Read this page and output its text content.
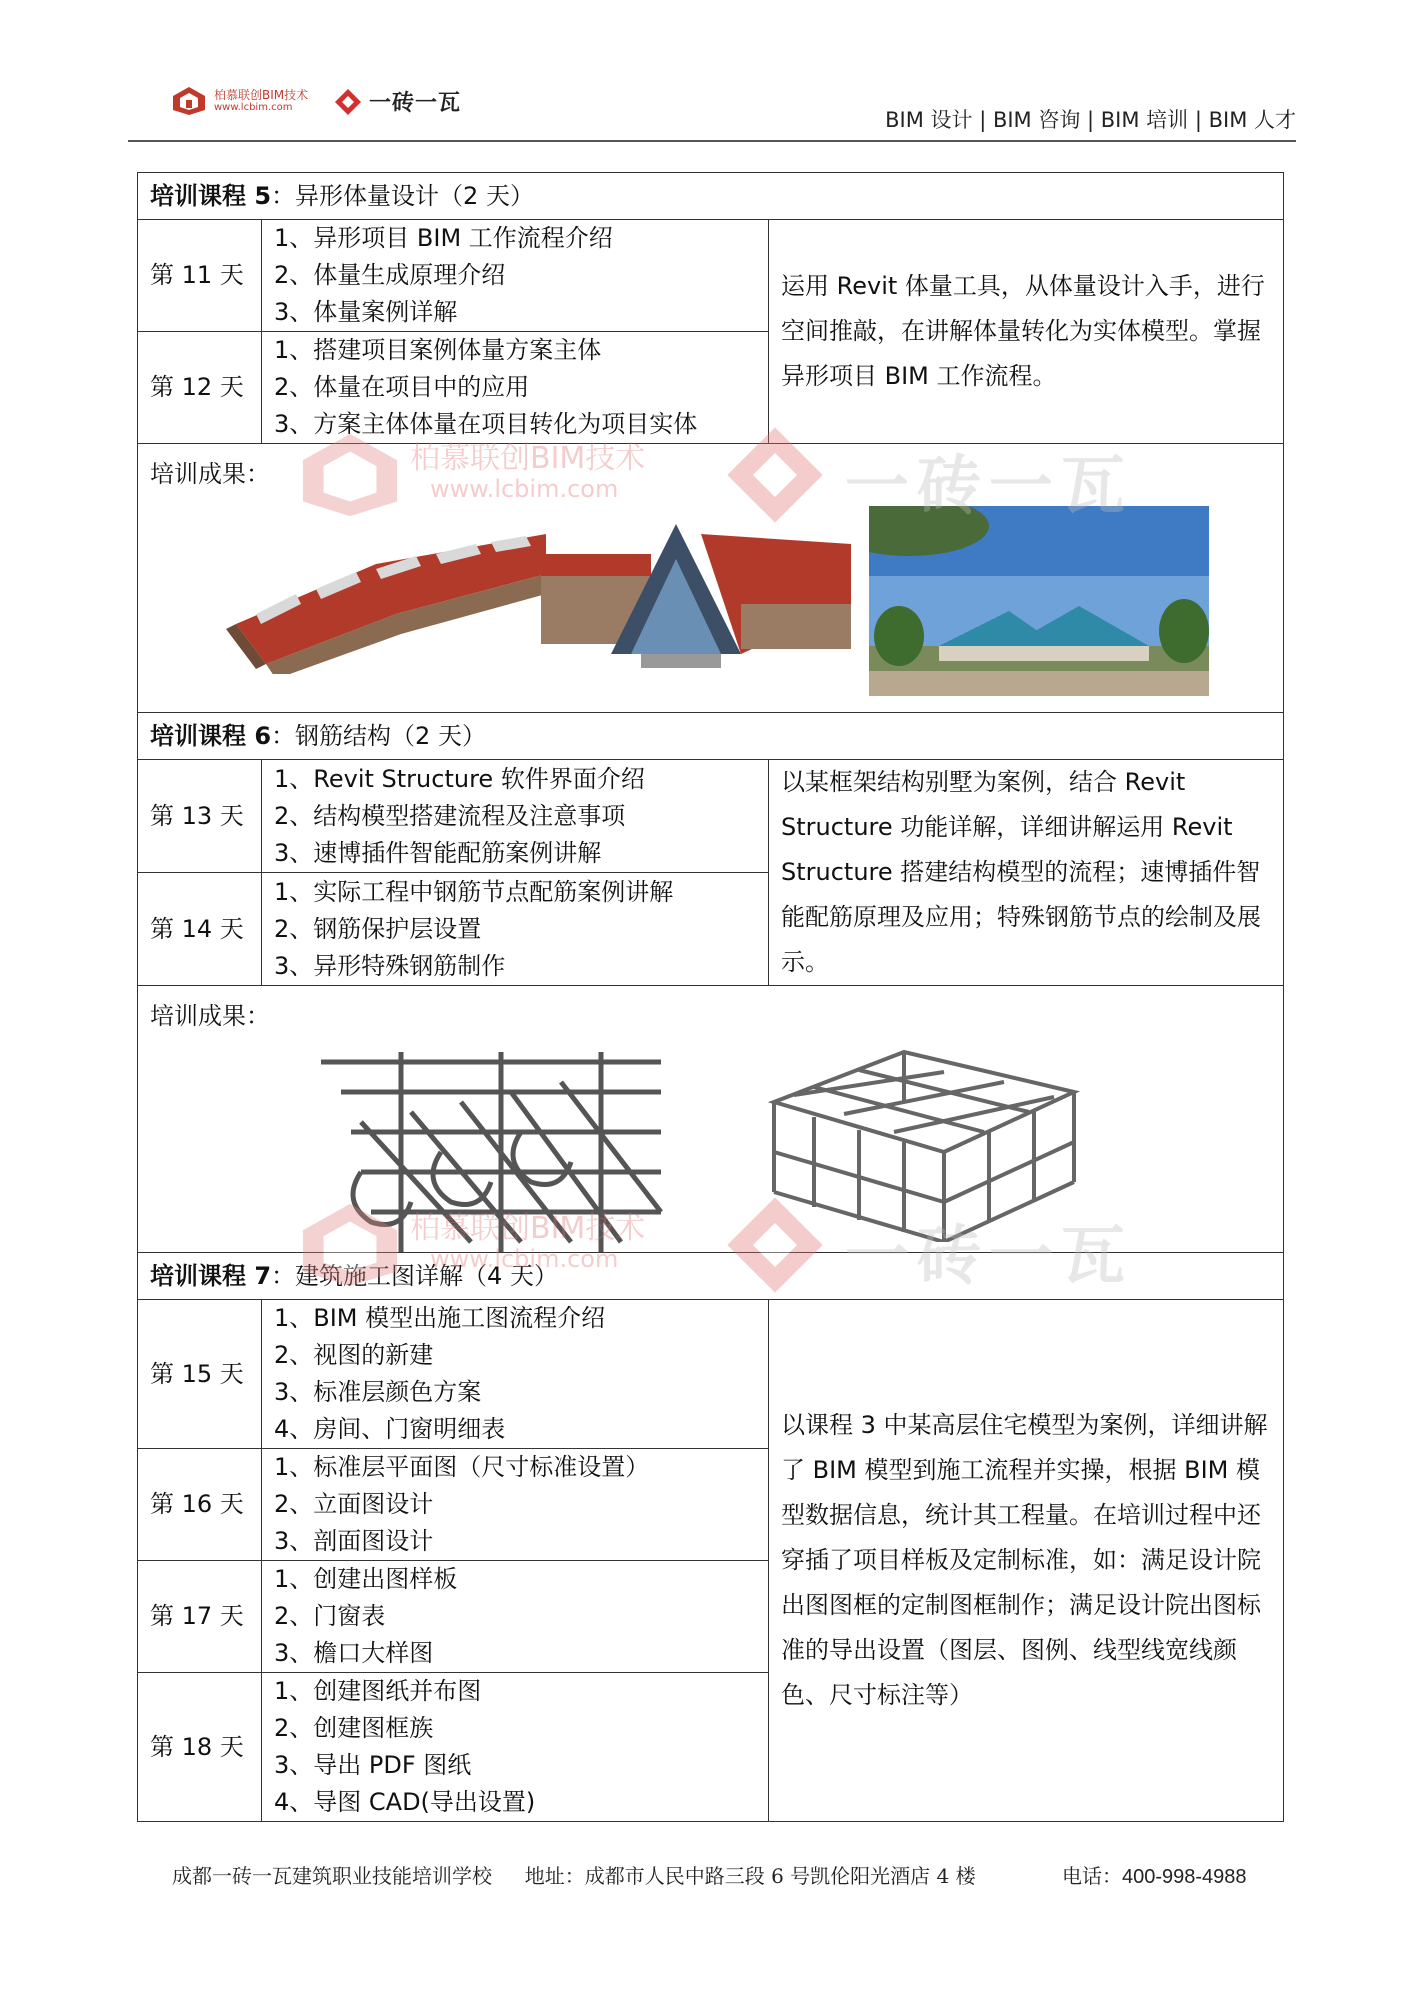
柏慕联创BIM技术
www.lcbim.com	一砖一瓦
BIM 设计 | BIM 咨询 | BIM 培训 | BIM 人才
培训课程 5：异形体量设计（2 天）		
第 11 天	1、异形项目 BIM 工作流程介绍
2、体量生成原理介绍
3、体量案例详解	运用 Revit 体量工具，从体量设计入手，进行空间推敲，在讲解体量转化为实体模型。掌握异形项目 BIM 工作流程。
第 12 天	1、搭建项目案例体量方案主体
2、体量在项目中的应用
3、方案主体体量在项目转化为项目实体	

培训成果：		

培训课程 6：钢筋结构（2 天）		
第 13 天	1、Revit Structure 软件界面介绍
2、结构模型搭建流程及注意事项
3、速博插件智能配筋案例讲解	以某框架结构别墅为案例，结合 Revit Structure 功能详解，详细讲解运用 Revit Structure 搭建结构模型的流程；速博插件智能配筋原理及应用；特殊钢筋节点的绘制及展示。
第 14 天	1、实际工程中钢筋节点配筋案例讲解
2、钢筋保护层设置
3、异形特殊钢筋制作	

培训成果：		

培训课程 7：建筑施工图详解（4 天）		
第 15 天	1、BIM 模型出施工图流程介绍
2、视图的新建
3、标准层颜色方案
4、房间、门窗明细表	以课程 3 中某高层住宅模型为案例，详细讲解了 BIM 模型到施工流程并实操，根据 BIM 模型数据信息，统计其工程量。在培训过程中还穿插了项目样板及定制标准，如：满足设计院出图图框的定制图框制作；满足设计院出图标准的导出设置（图层、图例、线型线宽线颜色、尺寸标注等）
第 16 天	1、标准层平面图（尺寸标准设置）
2、立面图设计
3、剖面图设计	

第 17 天	1、创建出图样板
2、门窗表
3、檐口大样图	

第 18 天	1、创建图纸并布图
2、创建图框族
3、导出 PDF 图纸
4、导图 CAD(导出设置)	
柏慕联创BIM技术
www.lcbim.com	一砖一瓦
柏慕联创BIM技术
www.lcbim.com	一砖一瓦
成都一砖一瓦建筑职业技能培训学校 地址：成都市人民中路三段 6 号凯伦阳光酒店 4 楼	电话：400-998-4988
